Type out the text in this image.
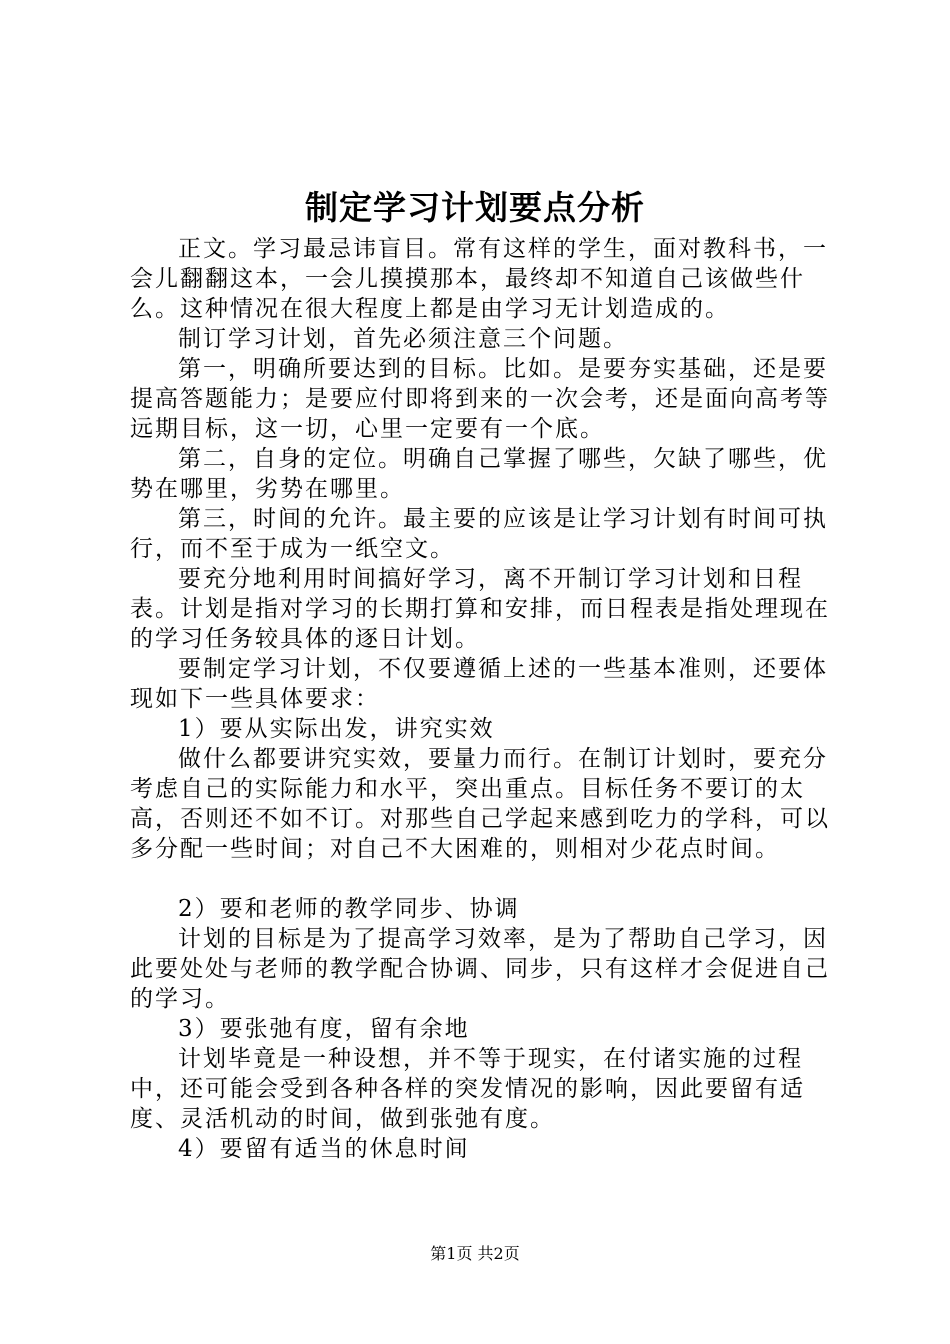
制定学习计划要点分析

正文。学习最忌讳盲目。常有这样的学生，面对教科书，一会儿翻翻这本，一会儿摸摸那本，最终却不知道自己该做些什么。这种情况在很大程度上都是由学习无计划造成的。

制订学习计划，首先必须注意三个问题。

第一，明确所要达到的目标。比如。是要夯实基础，还是要提高答题能力；是要应付即将到来的一次会考，还是面向高考等远期目标，这一切，心里一定要有一个底。

第二，自身的定位。明确自己掌握了哪些，欠缺了哪些，优势在哪里，劣势在哪里。

第三，时间的允许。最主要的应该是让学习计划有时间可执行，而不至于成为一纸空文。

要充分地利用时间搞好学习，离不开制订学习计划和日程表。计划是指对学习的长期打算和安排，而日程表是指处理现在的学习任务较具体的逐日计划。

要制定学习计划，不仅要遵循上述的一些基本准则，还要体现如下一些具体要求：

1）要从实际出发，讲究实效

做什么都要讲究实效，要量力而行。在制订计划时，要充分考虑自己的实际能力和水平，突出重点。目标任务不要订的太高，否则还不如不订。对那些自己学起来感到吃力的学科，可以多分配一些时间；对自己不大困难的，则相对少花点时间。

2）要和老师的教学同步、协调

计划的目标是为了提高学习效率，是为了帮助自己学习，因此要处处与老师的教学配合协调、同步，只有这样才会促进自己的学习。

3）要张弛有度，留有余地

计划毕竟是一种设想，并不等于现实，在付诸实施的过程中，还可能会受到各种各样的突发情况的影响，因此要留有适度、灵活机动的时间，做到张弛有度。

4）要留有适当的休息时间

第1页 共2页
